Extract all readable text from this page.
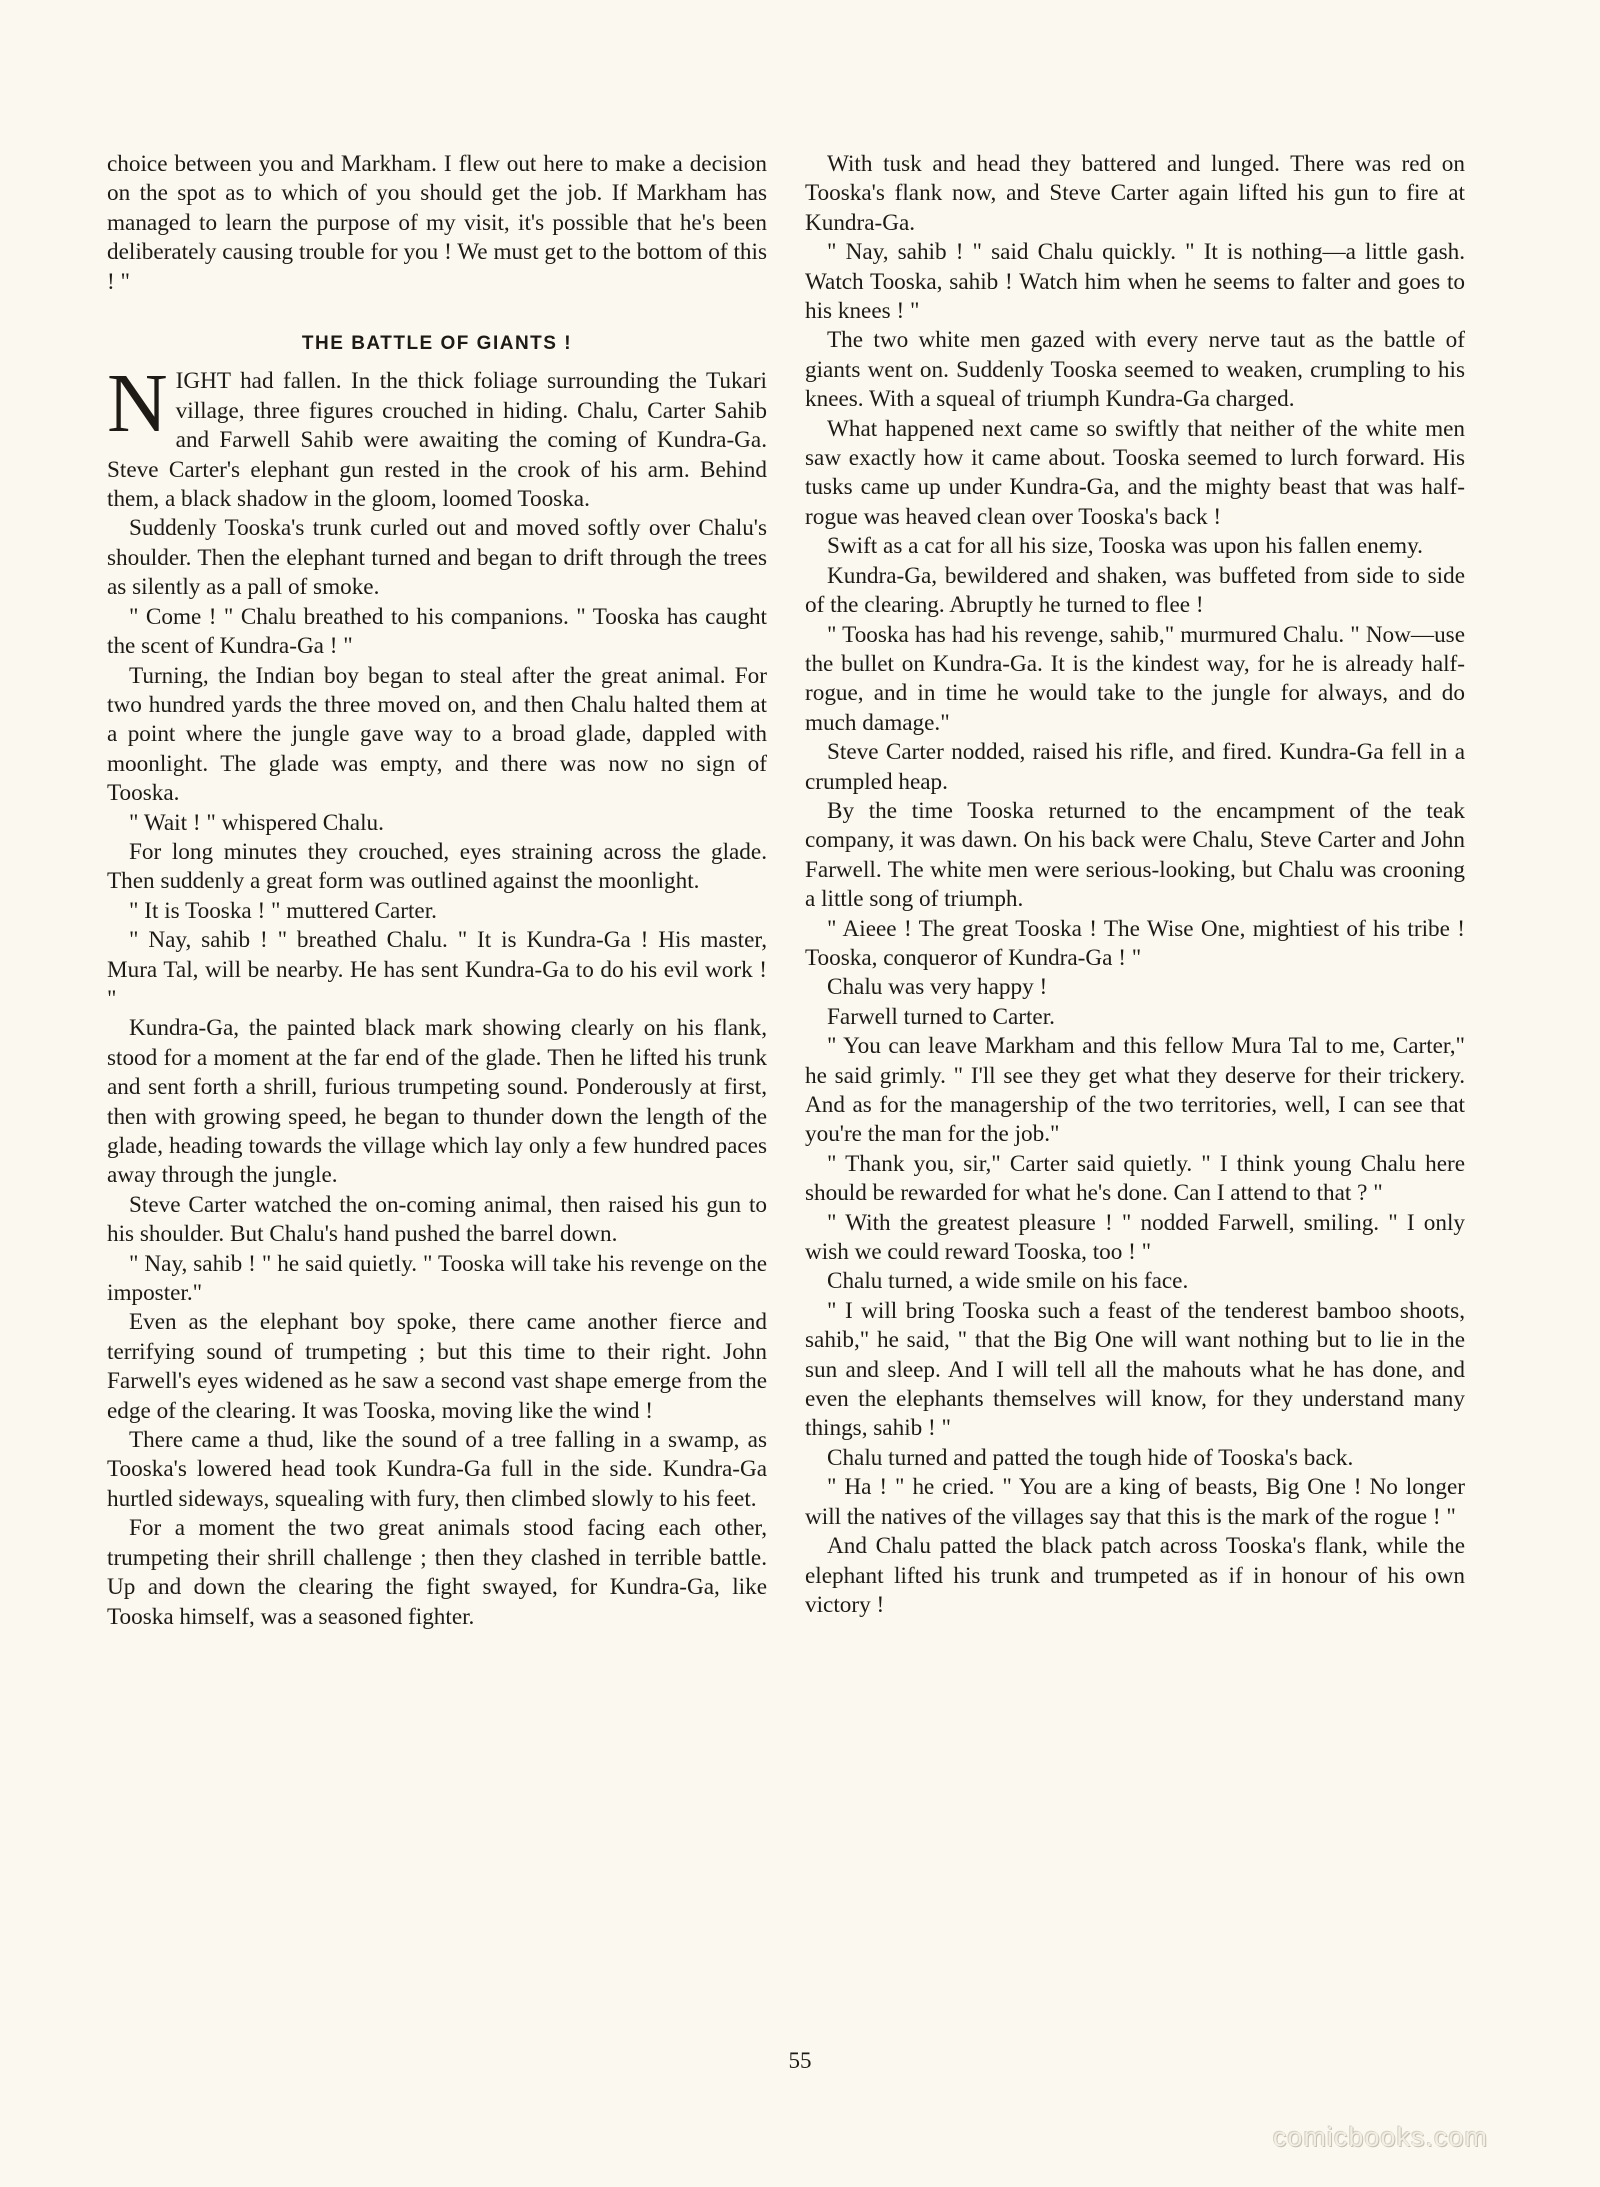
choice between you and Markham. I flew out here to make a decision on the spot as to which of you should get the job. If Markham has managed to learn the purpose of my visit, it's possible that he's been deliberately causing trouble for you ! We must get to the bottom of this ! "

THE BATTLE OF GIANTS !

NIGHT had fallen. In the thick foliage surrounding the Tukari village, three figures crouched in hiding. Chalu, Carter Sahib and Farwell Sahib were awaiting the coming of Kundra-Ga. Steve Carter's elephant gun rested in the crook of his arm. Behind them, a black shadow in the gloom, loomed Tooska.

Suddenly Tooska's trunk curled out and moved softly over Chalu's shoulder. Then the elephant turned and began to drift through the trees as silently as a pall of smoke.

" Come ! " Chalu breathed to his companions. " Tooska has caught the scent of Kundra-Ga ! "

Turning, the Indian boy began to steal after the great animal. For two hundred yards the three moved on, and then Chalu halted them at a point where the jungle gave way to a broad glade, dappled with moonlight. The glade was empty, and there was now no sign of Tooska.

" Wait ! " whispered Chalu.

For long minutes they crouched, eyes straining across the glade. Then suddenly a great form was outlined against the moonlight.

" It is Tooska ! " muttered Carter.

" Nay, sahib ! " breathed Chalu. " It is Kundra-Ga ! His master, Mura Tal, will be nearby. He has sent Kundra-Ga to do his evil work ! "

Kundra-Ga, the painted black mark showing clearly on his flank, stood for a moment at the far end of the glade. Then he lifted his trunk and sent forth a shrill, furious trumpeting sound. Ponderously at first, then with growing speed, he began to thunder down the length of the glade, heading towards the village which lay only a few hundred paces away through the jungle.

Steve Carter watched the on-coming animal, then raised his gun to his shoulder. But Chalu's hand pushed the barrel down.

" Nay, sahib ! " he said quietly. " Tooska will take his revenge on the imposter."

Even as the elephant boy spoke, there came another fierce and terrifying sound of trumpeting ; but this time to their right. John Farwell's eyes widened as he saw a second vast shape emerge from the edge of the clearing. It was Tooska, moving like the wind !

There came a thud, like the sound of a tree falling in a swamp, as Tooska's lowered head took Kundra-Ga full in the side. Kundra-Ga hurtled sideways, squealing with fury, then climbed slowly to his feet.

For a moment the two great animals stood facing each other, trumpeting their shrill challenge ; then they clashed in terrible battle. Up and down the clearing the fight swayed, for Kundra-Ga, like Tooska himself, was a seasoned fighter.

With tusk and head they battered and lunged. There was red on Tooska's flank now, and Steve Carter again lifted his gun to fire at Kundra-Ga.

" Nay, sahib ! " said Chalu quickly. " It is nothing—a little gash. Watch Tooska, sahib ! Watch him when he seems to falter and goes to his knees ! "

The two white men gazed with every nerve taut as the battle of giants went on. Suddenly Tooska seemed to weaken, crumpling to his knees. With a squeal of triumph Kundra-Ga charged.

What happened next came so swiftly that neither of the white men saw exactly how it came about. Tooska seemed to lurch forward. His tusks came up under Kundra-Ga, and the mighty beast that was half-rogue was heaved clean over Tooska's back !

Swift as a cat for all his size, Tooska was upon his fallen enemy.

Kundra-Ga, bewildered and shaken, was buffeted from side to side of the clearing. Abruptly he turned to flee !

" Tooska has had his revenge, sahib," murmured Chalu. " Now—use the bullet on Kundra-Ga. It is the kindest way, for he is already half-rogue, and in time he would take to the jungle for always, and do much damage."

Steve Carter nodded, raised his rifle, and fired. Kundra-Ga fell in a crumpled heap.

By the time Tooska returned to the encampment of the teak company, it was dawn. On his back were Chalu, Steve Carter and John Farwell. The white men were serious-looking, but Chalu was crooning a little song of triumph.

" Aieee ! The great Tooska ! The Wise One, mightiest of his tribe ! Tooska, conqueror of Kundra-Ga ! "

Chalu was very happy !

Farwell turned to Carter.

" You can leave Markham and this fellow Mura Tal to me, Carter," he said grimly. " I'll see they get what they deserve for their trickery. And as for the managership of the two territories, well, I can see that you're the man for the job."

" Thank you, sir," Carter said quietly. " I think young Chalu here should be rewarded for what he's done. Can I attend to that ? "

" With the greatest pleasure ! " nodded Farwell, smiling. " I only wish we could reward Tooska, too ! "

Chalu turned, a wide smile on his face.

" I will bring Tooska such a feast of the tenderest bamboo shoots, sahib," he said, " that the Big One will want nothing but to lie in the sun and sleep. And I will tell all the mahouts what he has done, and even the elephants themselves will know, for they understand many things, sahib ! "

Chalu turned and patted the tough hide of Tooska's back.

" Ha ! " he cried. " You are a king of beasts, Big One ! No longer will the natives of the villages say that this is the mark of the rogue ! "

And Chalu patted the black patch across Tooska's flank, while the elephant lifted his trunk and trumpeted as if in honour of his own victory !

55
comicbooks.com
